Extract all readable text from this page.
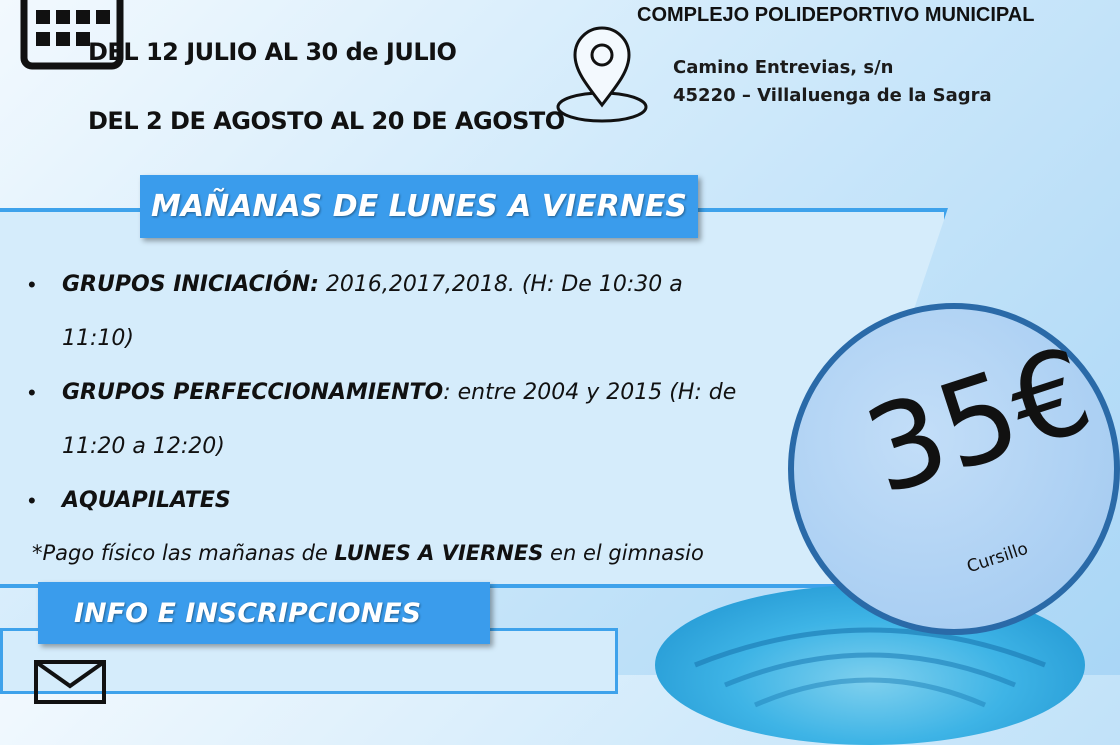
DEL 12 JULIO AL 30 de JULIO
DEL 2 DE AGOSTO AL 20 DE AGOSTO
COMPLEJO POLIDEPORTIVO MUNICIPAL
Camino Entrevias, s/n
45220 – Villaluenga de la Sagra
MAÑANAS DE LUNES A VIERNES
• GRUPOS INICIACIÓN: 2016,2017,2018. (H: De 10:30 a
11:10)
• GRUPOS PERFECCIONAMIENTO: entre 2004 y 2015 (H: de
11:20 a 12:20)
• AQUAPILATES
*Pago físico las mañanas de LUNES A VIERNES en el gimnasio
INFO E INSCRIPCIONES
35€
Cursillo
